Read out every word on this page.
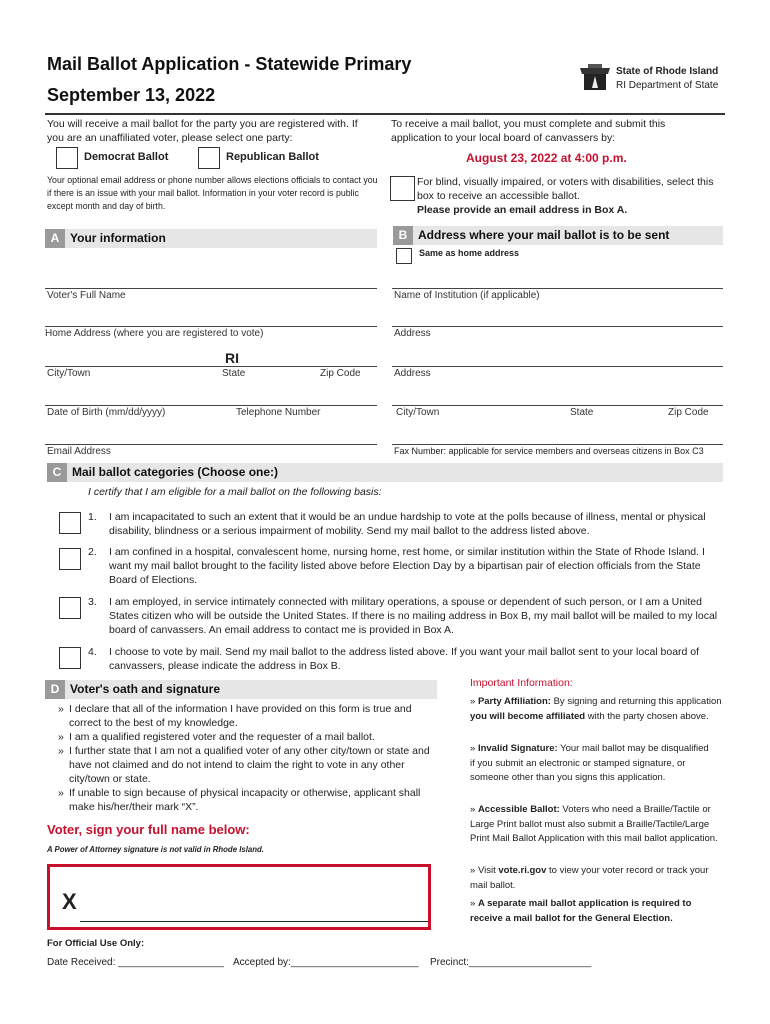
Mail Ballot Application - Statewide Primary
September 13, 2022
State of Rhode Island
RI Department of State
You will receive a mail ballot for the party you are registered with. If you are an unaffiliated voter, please select one party:
Democrat Ballot	Republican Ballot
Your optional email address or phone number allows elections officials to contact you if there is an issue with your mail ballot. Information in your voter record is public except month and day of birth.
To receive a mail ballot, you must complete and submit this application to your local board of canvassers by:
August 23, 2022 at 4:00 p.m.
For blind, visually impaired, or voters with disabilities, select this box to receive an accessible ballot.
Please provide an email address in Box A.
A Your information
Voter's Full Name
Home Address (where you are registered to vote)
RI
City/Town	State	Zip Code
Date of Birth (mm/dd/yyyy)	Telephone Number
Email Address
B Address where your mail ballot is to be sent
Same as home address
Name of Institution (if applicable)
Address
Address
City/Town	State	Zip Code
Fax Number: applicable for service members and overseas citizens in Box C3
C Mail ballot categories (Choose one:)
I certify that I am eligible for a mail ballot on the following basis:
1. I am incapacitated to such an extent that it would be an undue hardship to vote at the polls because of illness, mental or physical disability, blindness or a serious impairment of mobility. Send my mail ballot to the address listed above.
2. I am confined in a hospital, convalescent home, nursing home, rest home, or similar institution within the State of Rhode Island. I want my mail ballot brought to the facility listed above before Election Day by a bipartisan pair of election officials from the State Board of Elections.
3. I am employed, in service intimately connected with military operations, a spouse or dependent of such person, or I am a United States citizen who will be outside the United States. If there is no mailing address in Box B, my mail ballot will be mailed to my local board of canvassers. An email address to contact me is provided in Box A.
4. I choose to vote by mail. Send my mail ballot to the address listed above. If you want your mail ballot sent to your local board of canvassers, please indicate the address in Box B.
D Voter's oath and signature
» I declare that all of the information I have provided on this form is true and correct to the best of my knowledge.
» I am a qualified registered voter and the requester of a mail ballot.
» I further state that I am not a qualified voter of any other city/town or state and have not claimed and do not intend to claim the right to vote in any other city/town or state.
» If unable to sign because of physical incapacity or otherwise, applicant shall make his/her/their mark “X”.
Voter, sign your full name below:
A Power of Attorney signature is not valid in Rhode Island.
X
Important Information:
» Party Affiliation: By signing and returning this application you will become affiliated with the party chosen above.
» Invalid Signature: Your mail ballot may be disqualified if you submit an electronic or stamped signature, or someone other than you signs this application.
» Accessible Ballot: Voters who need a Braille/Tactile or Large Print ballot must also submit a Braille/Tactile/Large Print Mail Ballot Application with this mail ballot application.
» Visit vote.ri.gov to view your voter record or track your mail ballot.
» A separate mail ballot application is required to receive a mail ballot for the General Election.
For Official Use Only:
Date Received: ___________________ Accepted by:_______________________ Precinct:______________________
